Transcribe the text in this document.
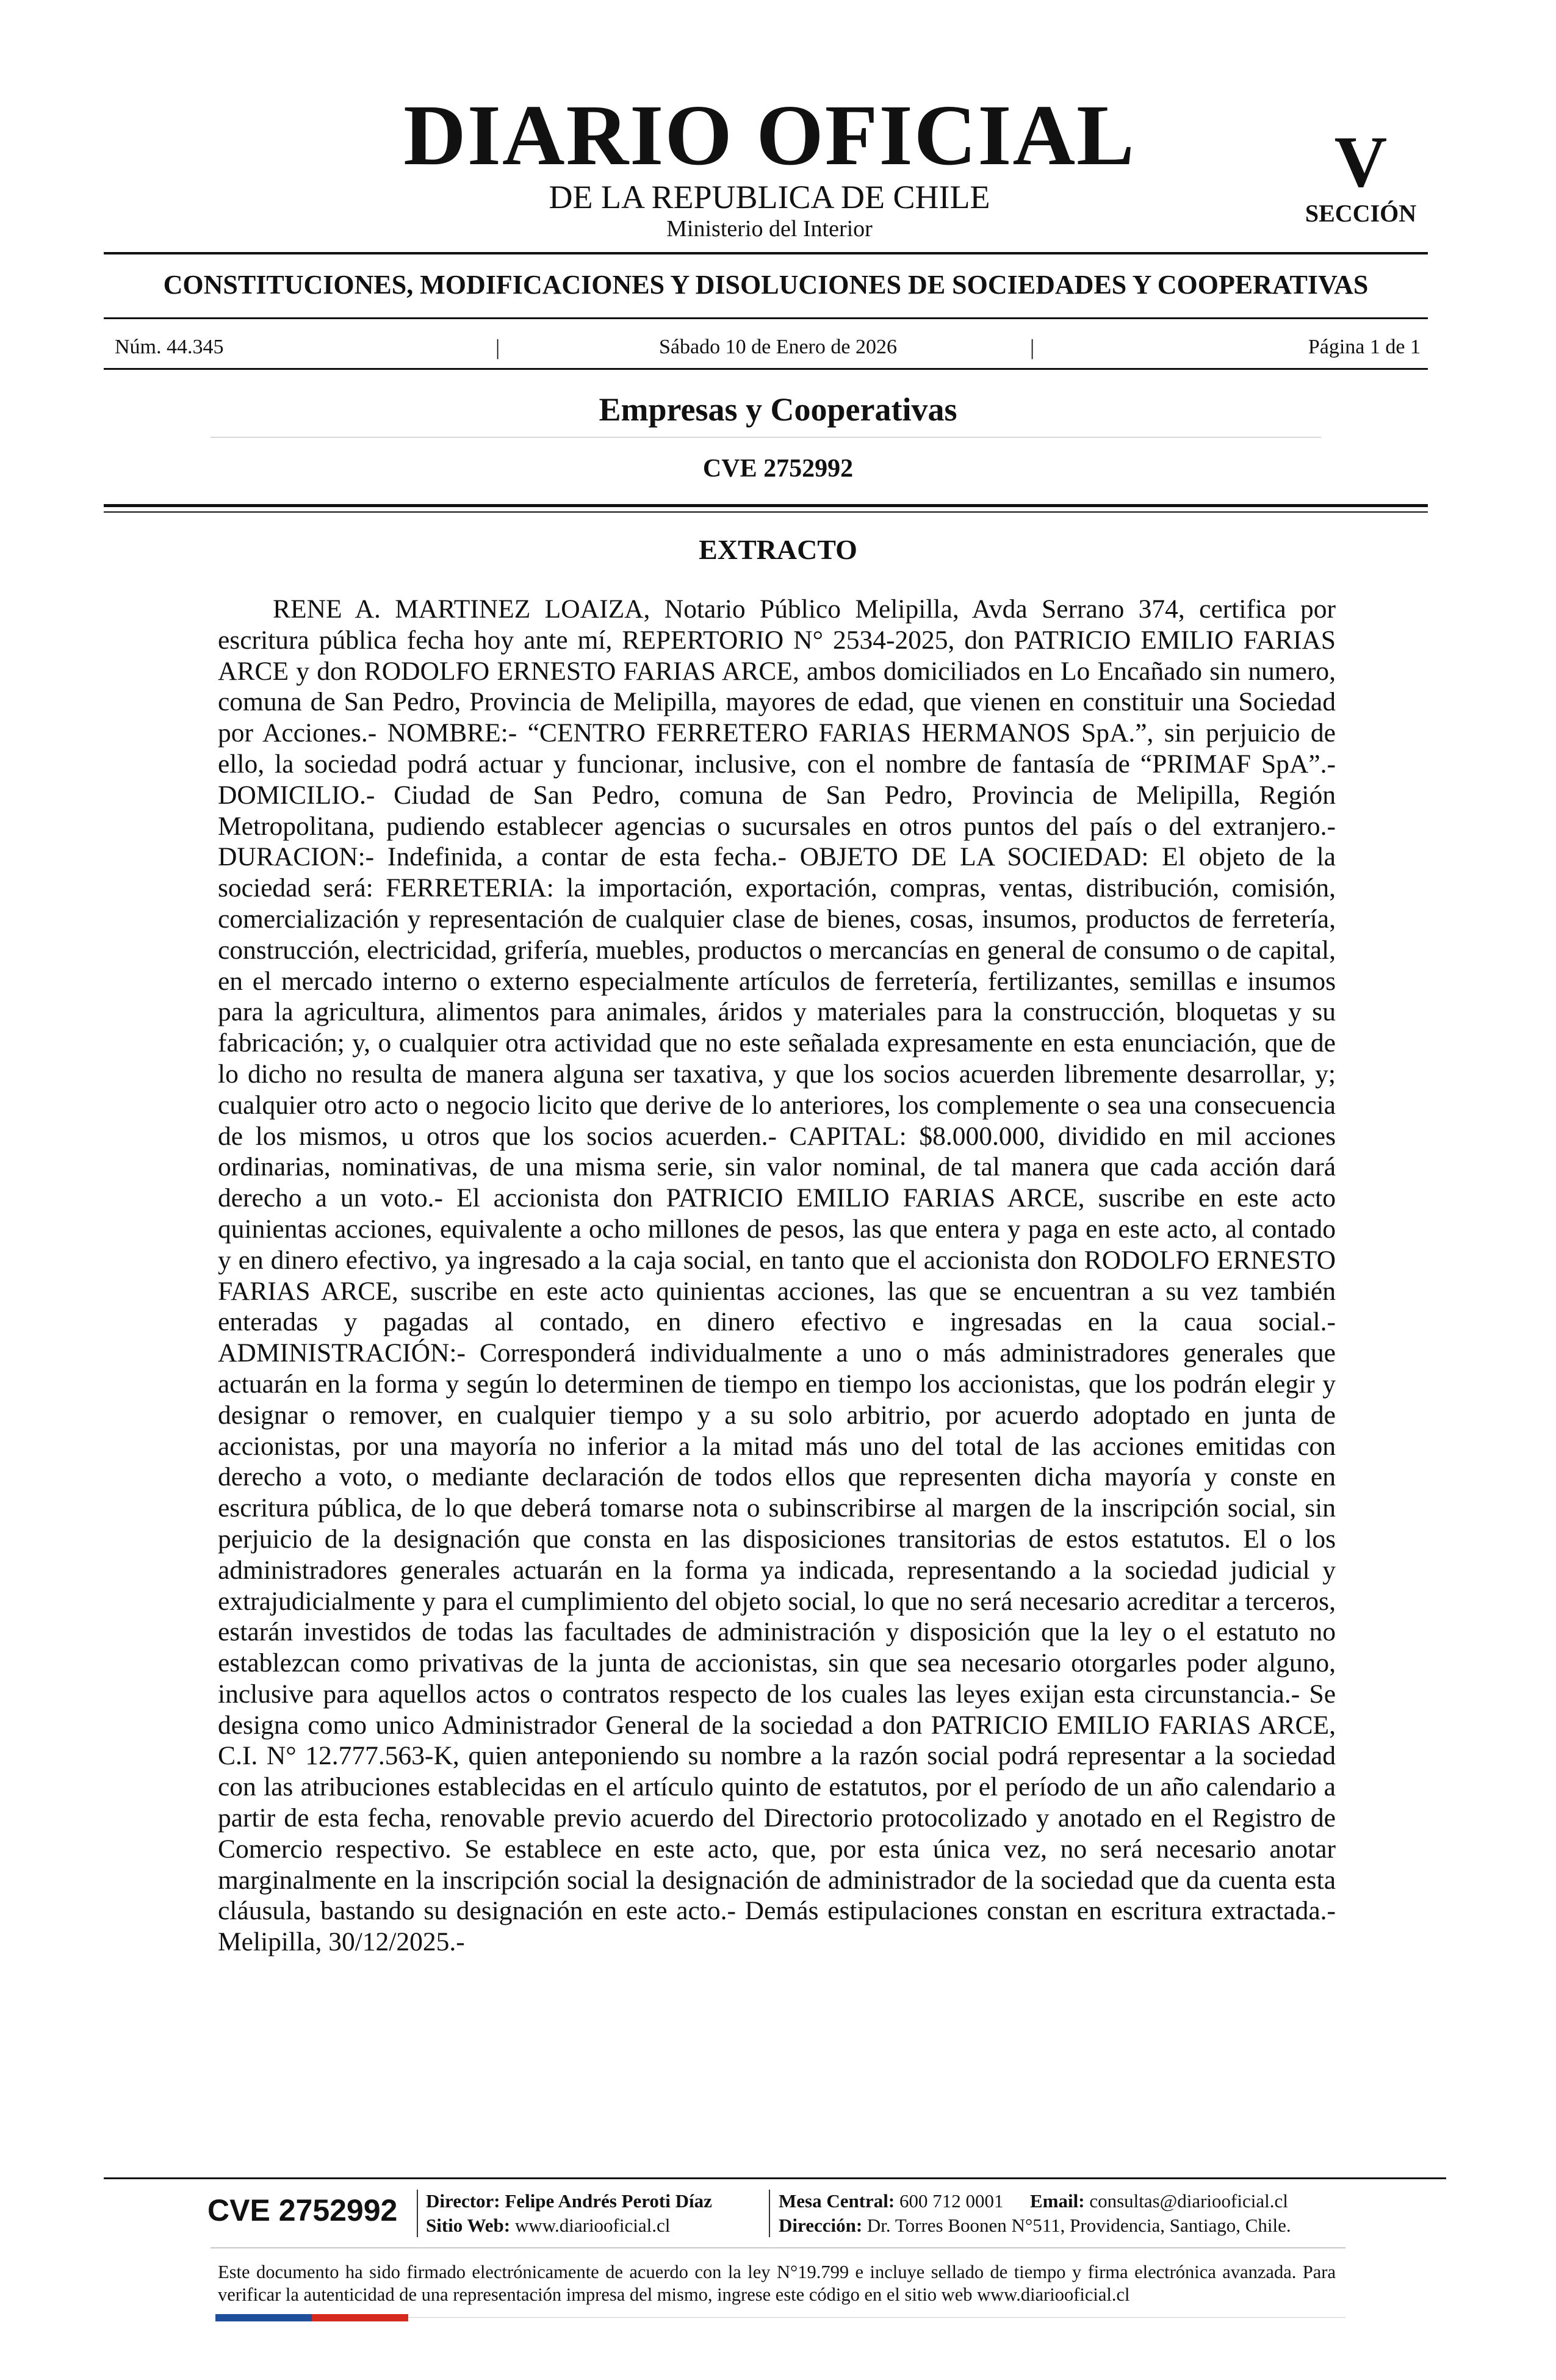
DIARIO OFICIAL
DE LA REPUBLICA DE CHILE
Ministerio del Interior
V
SECCIÓN
CONSTITUCIONES, MODIFICACIONES Y DISOLUCIONES DE SOCIEDADES Y COOPERATIVAS
Núm. 44.345	|	Sábado 10 de Enero de 2026	|	Página 1 de 1
Empresas y Cooperativas
CVE 2752992
EXTRACTO
RENE A. MARTINEZ LOAIZA, Notario Público Melipilla, Avda Serrano 374, certifica por escritura pública fecha hoy ante mí, REPERTORIO N° 2534-2025, don PATRICIO EMILIO FARIAS ARCE y don RODOLFO ERNESTO FARIAS ARCE, ambos domiciliados en Lo Encañado sin numero, comuna de San Pedro, Provincia de Melipilla, mayores de edad, que vienen en constituir una Sociedad por Acciones.- NOMBRE:- “CENTRO FERRETERO FARIAS HERMANOS SpA.”, sin perjuicio de ello, la sociedad podrá actuar y funcionar, inclusive, con el nombre de fantasía de “PRIMAF SpA”.- DOMICILIO.- Ciudad de San Pedro, comuna de San Pedro, Provincia de Melipilla, Región Metropolitana, pudiendo establecer agencias o sucursales en otros puntos del país o del extranjero.-DURACION:- Indefinida, a contar de esta fecha.- OBJETO DE LA SOCIEDAD: El objeto de la sociedad será: FERRETERIA: la importación, exportación, compras, ventas, distribución, comisión, comercialización y representación de cualquier clase de bienes, cosas, insumos, productos de ferretería, construcción, electricidad, grifería, muebles, productos o mercancías en general de consumo o de capital, en el mercado interno o externo especialmente artículos de ferretería, fertilizantes, semillas e insumos para la agricultura, alimentos para animales, áridos y materiales para la construcción, bloquetas y su fabricación; y, o cualquier otra actividad que no este señalada expresamente en esta enunciación, que de lo dicho no resulta de manera alguna ser taxativa, y que los socios acuerden libremente desarrollar, y; cualquier otro acto o negocio licito que derive de lo anteriores, los complemente o sea una consecuencia de los mismos, u otros que los socios acuerden.- CAPITAL: $8.000.000, dividido en mil acciones ordinarias, nominativas, de una misma serie, sin valor nominal, de tal manera que cada acción dará derecho a un voto.- El accionista don PATRICIO EMILIO FARIAS ARCE, suscribe en este acto quinientas acciones, equivalente a ocho millones de pesos, las que entera y paga en este acto, al contado y en dinero efectivo, ya ingresado a la caja social, en tanto que el accionista don RODOLFO ERNESTO FARIAS ARCE, suscribe en este acto quinientas acciones, las que se encuentran a su vez también enteradas y pagadas al contado, en dinero efectivo e ingresadas en la caua social.- ADMINISTRACIÓN:- Corresponderá individualmente a uno o más administradores generales que actuarán en la forma y según lo determinen de tiempo en tiempo los accionistas, que los podrán elegir y designar o remover, en cualquier tiempo y a su solo arbitrio, por acuerdo adoptado en junta de accionistas, por una mayoría no inferior a la mitad más uno del total de las acciones emitidas con derecho a voto, o mediante declaración de todos ellos que representen dicha mayoría y conste en escritura pública, de lo que deberá tomarse nota o subinscribirse al margen de la inscripción social, sin perjuicio de la designación que consta en las disposiciones transitorias de estos estatutos. El o los administradores generales actuarán en la forma ya indicada, representando a la sociedad judicial y extrajudicialmente y para el cumplimiento del objeto social, lo que no será necesario acreditar a terceros, estarán investidos de todas las facultades de administración y disposición que la ley o el estatuto no establezcan como privativas de la junta de accionistas, sin que sea necesario otorgarles poder alguno, inclusive para aquellos actos o contratos respecto de los cuales las leyes exijan esta circunstancia.- Se designa como unico Administrador General de la sociedad a don PATRICIO EMILIO FARIAS ARCE, C.I. N° 12.777.563-K, quien anteponiendo su nombre a la razón social podrá representar a la sociedad con las atribuciones establecidas en el artículo quinto de estatutos, por el período de un año calendario a partir de esta fecha, renovable previo acuerdo del Directorio protocolizado y anotado en el Registro de Comercio respectivo. Se establece en este acto, que, por esta única vez, no será necesario anotar marginalmente en la inscripción social la designación de administrador de la sociedad que da cuenta esta cláusula, bastando su designación en este acto.- Demás estipulaciones constan en escritura extractada.- Melipilla, 30/12/2025.-
CVE 2752992 Director: Felipe Andrés Peroti Díaz
Sitio Web: www.diariooficial.cl
Mesa Central: 600 712 0001 Email: consultas@diariooficial.cl
Dirección: Dr. Torres Boonen N°511, Providencia, Santiago, Chile.
Este documento ha sido firmado electrónicamente de acuerdo con la ley N°19.799 e incluye sellado de tiempo y firma electrónica avanzada. Para verificar la autenticidad de una representación impresa del mismo, ingrese este código en el sitio web www.diariooficial.cl
